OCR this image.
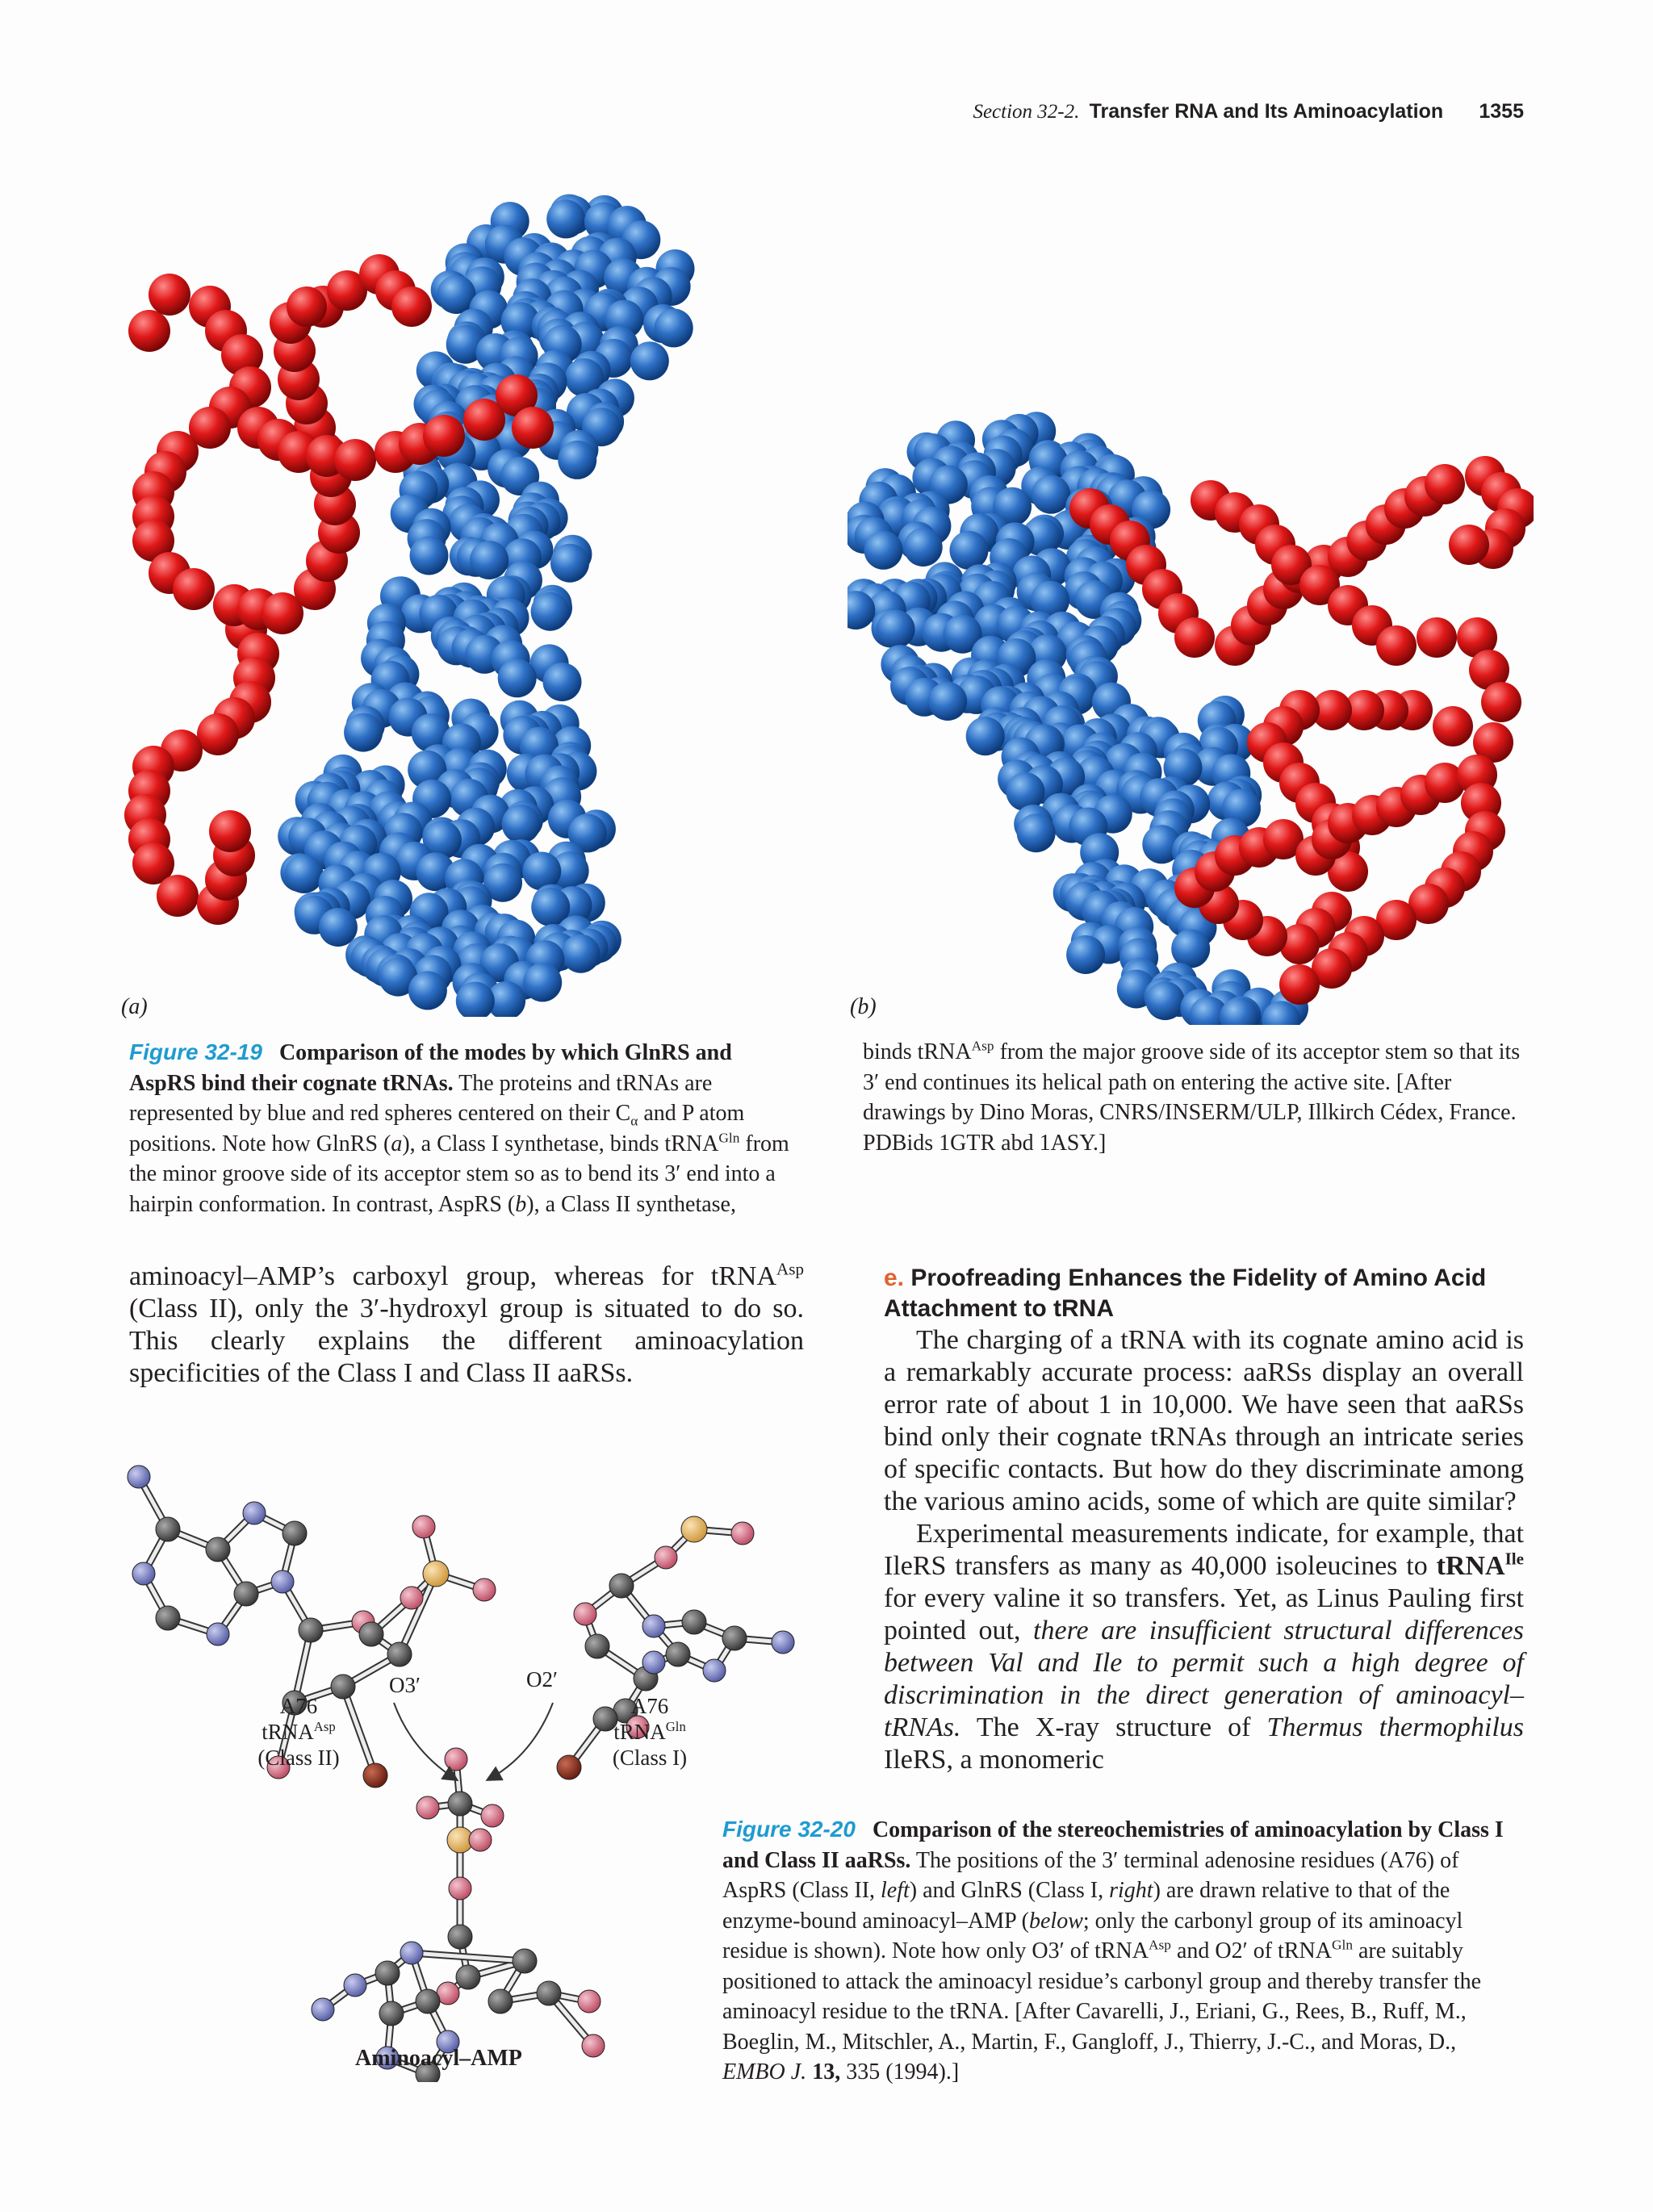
Section 32-2. Transfer RNA and Its Aminoacylation 1355
(a)	(b)
Figure 32-19 Comparison of the modes by which GlnRS and AspRS bind their cognate tRNAs. The proteins and tRNAs are represented by blue and red spheres centered on their $C_\alpha$ and P atom positions. Note how GlnRS (a), a Class I synthetase, binds tRNA$^{Gln}$ from the minor groove side of its acceptor stem so as to bend its 3′ end into a hairpin conformation. In contrast, AspRS (b), a Class II synthetase, binds tRNA$^{Asp}$ from the major groove side of its acceptor stem so that its 3′ end continues its helical path on entering the active site. [After drawings by Dino Moras, CNRS/INSERM/ULP, Illkirch Cédex, France. PDBids 1GTR abd 1ASY.]

aminoacyl–AMP’s carboxyl group, whereas for tRNA$^{Asp}$ (Class II), only the 3′-hydroxyl group is situated to do so. This clearly explains the different aminoacylation specificities of the Class I and Class II aaRSs.

e. Proofreading Enhances the Fidelity of Amino Acid Attachment to tRNA

The charging of a tRNA with its cognate amino acid is a remarkably accurate process: aaRSs display an overall error rate of about 1 in 10,000. We have seen that aaRSs bind only their cognate tRNAs through an intricate series of specific contacts. But how do they discriminate among the various amino acids, some of which are quite similar?

Experimental measurements indicate, for example, that IleRS transfers as many as 40,000 isoleucines to tRNA$^{Ile}$ for every valine it so transfers. Yet, as Linus Pauling first pointed out, there are insufficient structural differences between Val and Ile to permit such a high degree of discrimination in the direct generation of aminoacyl–tRNAs. The X-ray structure of Thermus thermophilus IleRS, a monomeric

O3′	O2′
A76
tRNA$^{Asp}$
(Class II)
A76
tRNA$^{Gln}$
(Class I)
Aminoacyl–AMP
Figure 32-20 Comparison of the stereochemistries of aminoacylation by Class I and Class II aaRSs. The positions of the 3′ terminal adenosine residues (A76) of AspRS (Class II, left) and GlnRS (Class I, right) are drawn relative to that of the enzyme-bound aminoacyl–AMP (below; only the carbonyl group of its aminoacyl residue is shown). Note how only O3′ of tRNA$^{Asp}$ and O2′ of tRNA$^{Gln}$ are suitably positioned to attack the aminoacyl residue’s carbonyl group and thereby transfer the aminoacyl residue to the tRNA. [After Cavarelli, J., Eriani, G., Rees, B., Ruff, M., Boeglin, M., Mitschler, A., Martin, F., Gangloff, J., Thierry, J.-C., and Moras, D., EMBO J. 13, 335 (1994).]
